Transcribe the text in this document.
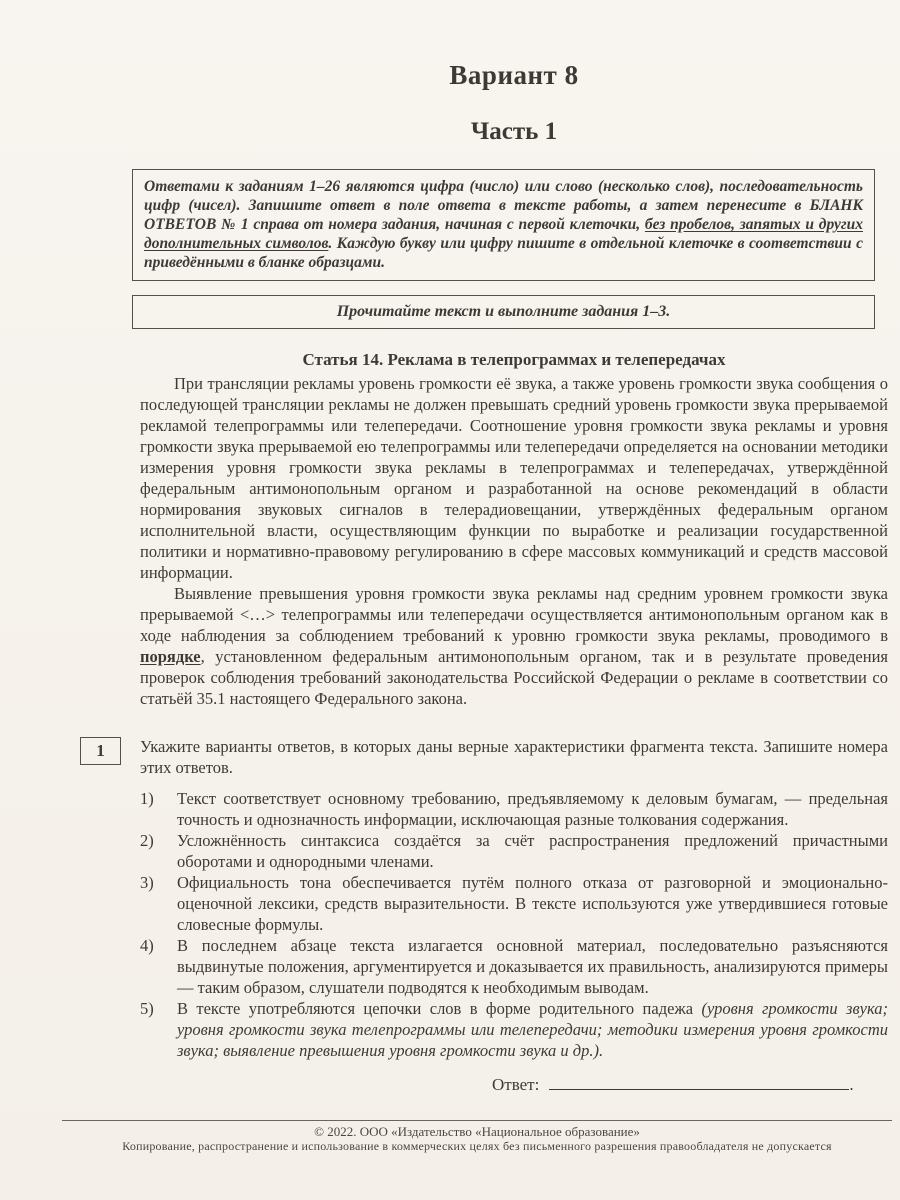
Вариант 8
Часть 1
Ответами к заданиям 1–26 являются цифра (число) или слово (несколько слов), последовательность цифр (чисел). Запишите ответ в поле ответа в тексте работы, а затем перенесите в БЛАНК ОТВЕТОВ № 1 справа от номера задания, начиная с первой клеточки, без пробелов, запятых и других дополнительных символов. Каждую букву или цифру пишите в отдельной клеточке в соответствии с приведёнными в бланке образцами.
Прочитайте текст и выполните задания 1–3.
Статья 14. Реклама в телепрограммах и телепередачах

При трансляции рекламы уровень громкости её звука, а также уровень громкости звука сообщения о последующей трансляции рекламы не должен превышать средний уровень громкости звука прерываемой рекламой телепрограммы или телепередачи. Соотношение уровня громкости звука рекламы и уровня громкости звука прерываемой ею телепрограммы или телепередачи определяется на основании методики измерения уровня громкости звука рекламы в телепрограммах и телепередачах, утверждённой федеральным антимонопольным органом и разработанной на основе рекомендаций в области нормирования звуковых сигналов в телерадиовещании, утверждённых федеральным органом исполнительной власти, осуществляющим функции по выработке и реализации государственной политики и нормативно-правовому регулированию в сфере массовых коммуникаций и средств массовой информации.

Выявление превышения уровня громкости звука рекламы над средним уровнем громкости звука прерываемой <…> телепрограммы или телепередачи осуществляется антимонопольным органом как в ходе наблюдения за соблюдением требований к уровню громкости звука рекламы, проводимого в порядке, установленном федеральным антимонопольным органом, так и в результате проведения проверок соблюдения требований законодательства Российской Федерации о рекламе в соответствии со статьёй 35.1 настоящего Федерального закона.

1	Укажите варианты ответов, в которых даны верные характеристики фрагмента текста. Запишите номера этих ответов.
1)	Текст соответствует основному требованию, предъявляемому к деловым бумагам, — предельная точность и однозначность информации, исключающая разные толкования содержания.
2)	Усложнённость синтаксиса создаётся за счёт распространения предложений причастными оборотами и однородными членами.
3)	Официальность тона обеспечивается путём полного отказа от разговорной и эмоционально-оценочной лексики, средств выразительности. В тексте используются уже утвердившиеся готовые словесные формулы.
4)	В последнем абзаце текста излагается основной материал, последовательно разъясняются выдвинутые положения, аргументируется и доказывается их правильность, анализируются примеры — таким образом, слушатели подводятся к необходимым выводам.
5)	В тексте употребляются цепочки слов в форме родительного падежа (уровня громкости звука; уровня громкости звука телепрограммы или телепередачи; методики измерения уровня громкости звука; выявление превышения уровня громкости звука и др.).
Ответ:	.
© 2022. ООО «Издательство «Национальное образование»
Копирование, распространение и использование в коммерческих целях без письменного разрешения правообладателя не допускается
